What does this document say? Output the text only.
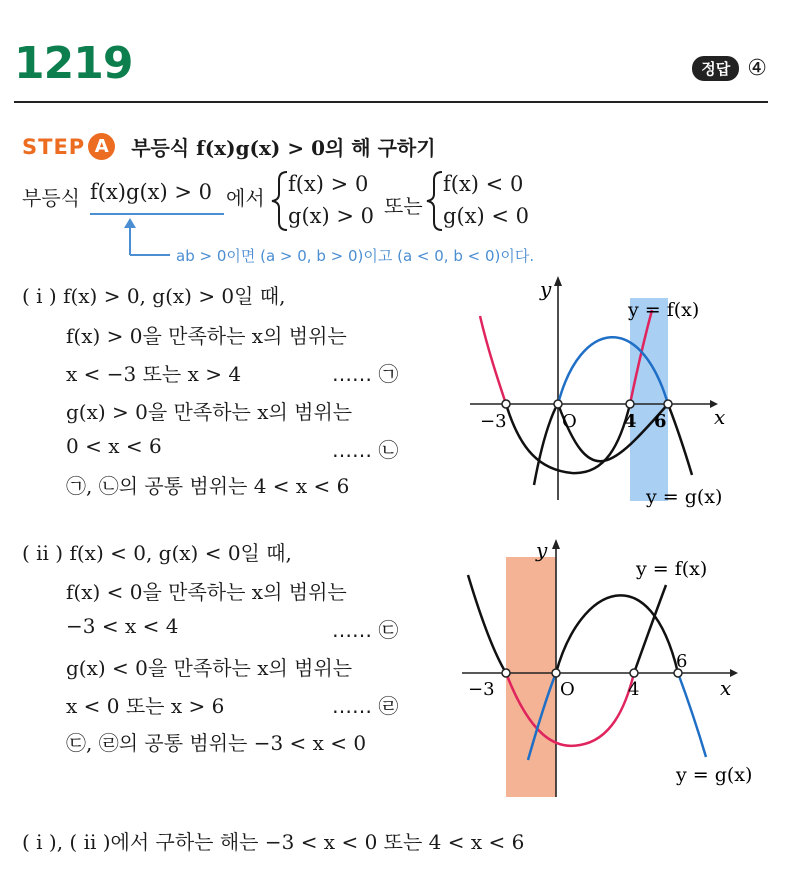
1219	정답 ④
STEP A	부등식 f(x)g(x) > 0의 해 구하기
부등식 f(x)g(x) > 0 에서
f(x) > 0
g(x) > 0 또는
f(x) < 0
g(x) < 0
ab > 0이면 (a > 0, b > 0)이고 (a < 0, b < 0)이다.
( i ) f(x) > 0, g(x) > 0일 때,
f(x) > 0을 만족하는 x의 범위는
x < −3 또는 x > 4	…… ㉠
g(x) > 0을 만족하는 x의 범위는
0 < x < 6	…… ㉡
㉠, ㉡의 공통 범위는 4 < x < 6
y
x
O
−3	4 6
y = f(x)
y = g(x)
( ii ) f(x) < 0, g(x) < 0일 때,
f(x) < 0을 만족하는 x의 범위는
−3 < x < 4	…… ㉢
g(x) < 0을 만족하는 x의 범위는
x < 0 또는 x > 6	…… ㉣
㉢, ㉣의 공통 범위는 −3 < x < 0
y
x
O
−3	4
6
y = f(x)
y = g(x)
( i ), ( ii )에서 구하는 해는 −3 < x < 0 또는 4 < x < 6
